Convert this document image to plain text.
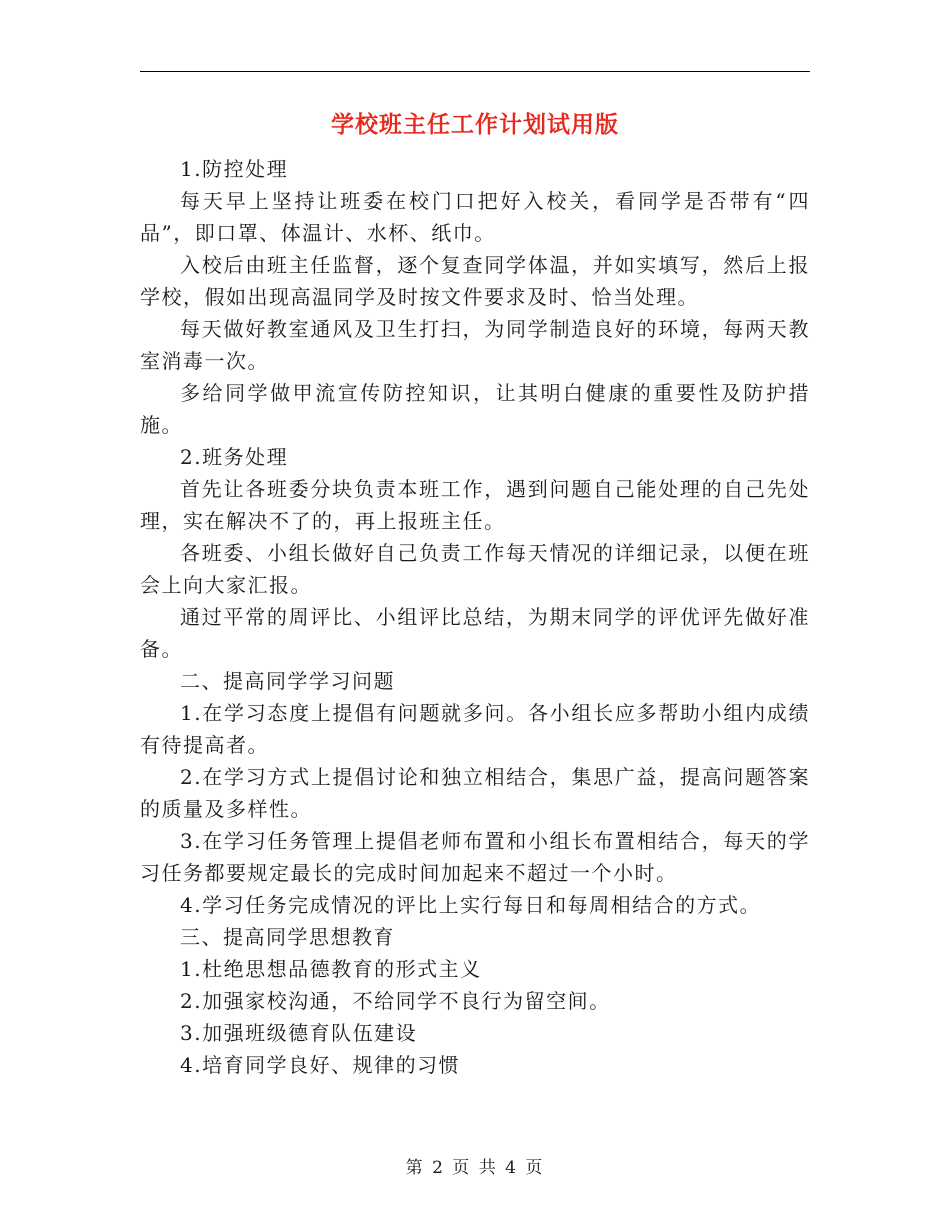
学校班主任工作计划试用版

1.防控处理

每天早上坚持让班委在校门口把好入校关，看同学是否带有“四品”，即口罩、体温计、水杯、纸巾。

入校后由班主任监督，逐个复查同学体温，并如实填写，然后上报学校，假如出现高温同学及时按文件要求及时、恰当处理。

每天做好教室通风及卫生打扫，为同学制造良好的环境，每两天教室消毒一次。

多给同学做甲流宣传防控知识，让其明白健康的重要性及防护措施。

2.班务处理

首先让各班委分块负责本班工作，遇到问题自己能处理的自己先处理，实在解决不了的，再上报班主任。

各班委、小组长做好自己负责工作每天情况的详细记录，以便在班会上向大家汇报。

通过平常的周评比、小组评比总结，为期末同学的评优评先做好准备。

二、提高同学学习问题

1.在学习态度上提倡有问题就多问。各小组长应多帮助小组内成绩有待提高者。

2.在学习方式上提倡讨论和独立相结合，集思广益，提高问题答案的质量及多样性。

3.在学习任务管理上提倡老师布置和小组长布置相结合，每天的学习任务都要规定最长的完成时间加起来不超过一个小时。

4.学习任务完成情况的评比上实行每日和每周相结合的方式。

三、提高同学思想教育

1.杜绝思想品德教育的形式主义

2.加强家校沟通，不给同学不良行为留空间。

3.加强班级德育队伍建设

4.培育同学良好、规律的习惯

第 2 页 共 4 页
